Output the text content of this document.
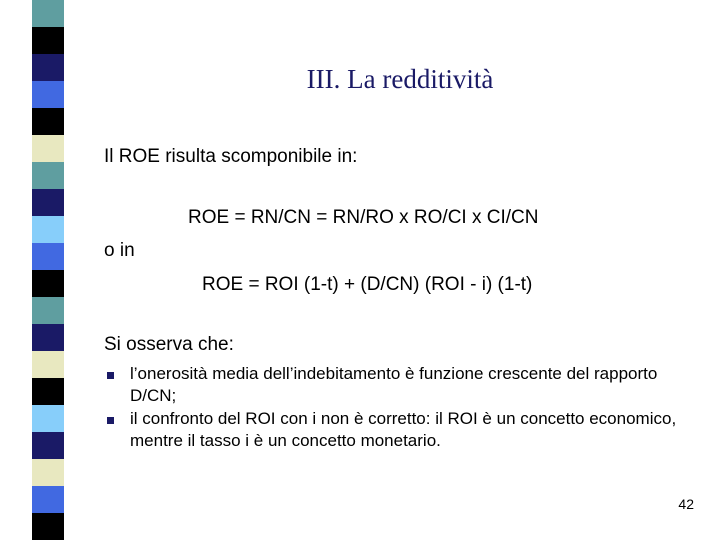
III. La redditività
Il ROE risulta scomponibile in:
ROE = RN/CN = RN/RO x RO/CI x CI/CN
o in
ROE = ROI (1-t) + (D/CN) (ROI - i) (1-t)
Si osserva che:
l’onerosità media dell’indebitamento è funzione crescente del rapporto D/CN;
il confronto del ROI con i non è corretto: il ROI è un concetto economico, mentre il tasso i è un concetto monetario.
42
